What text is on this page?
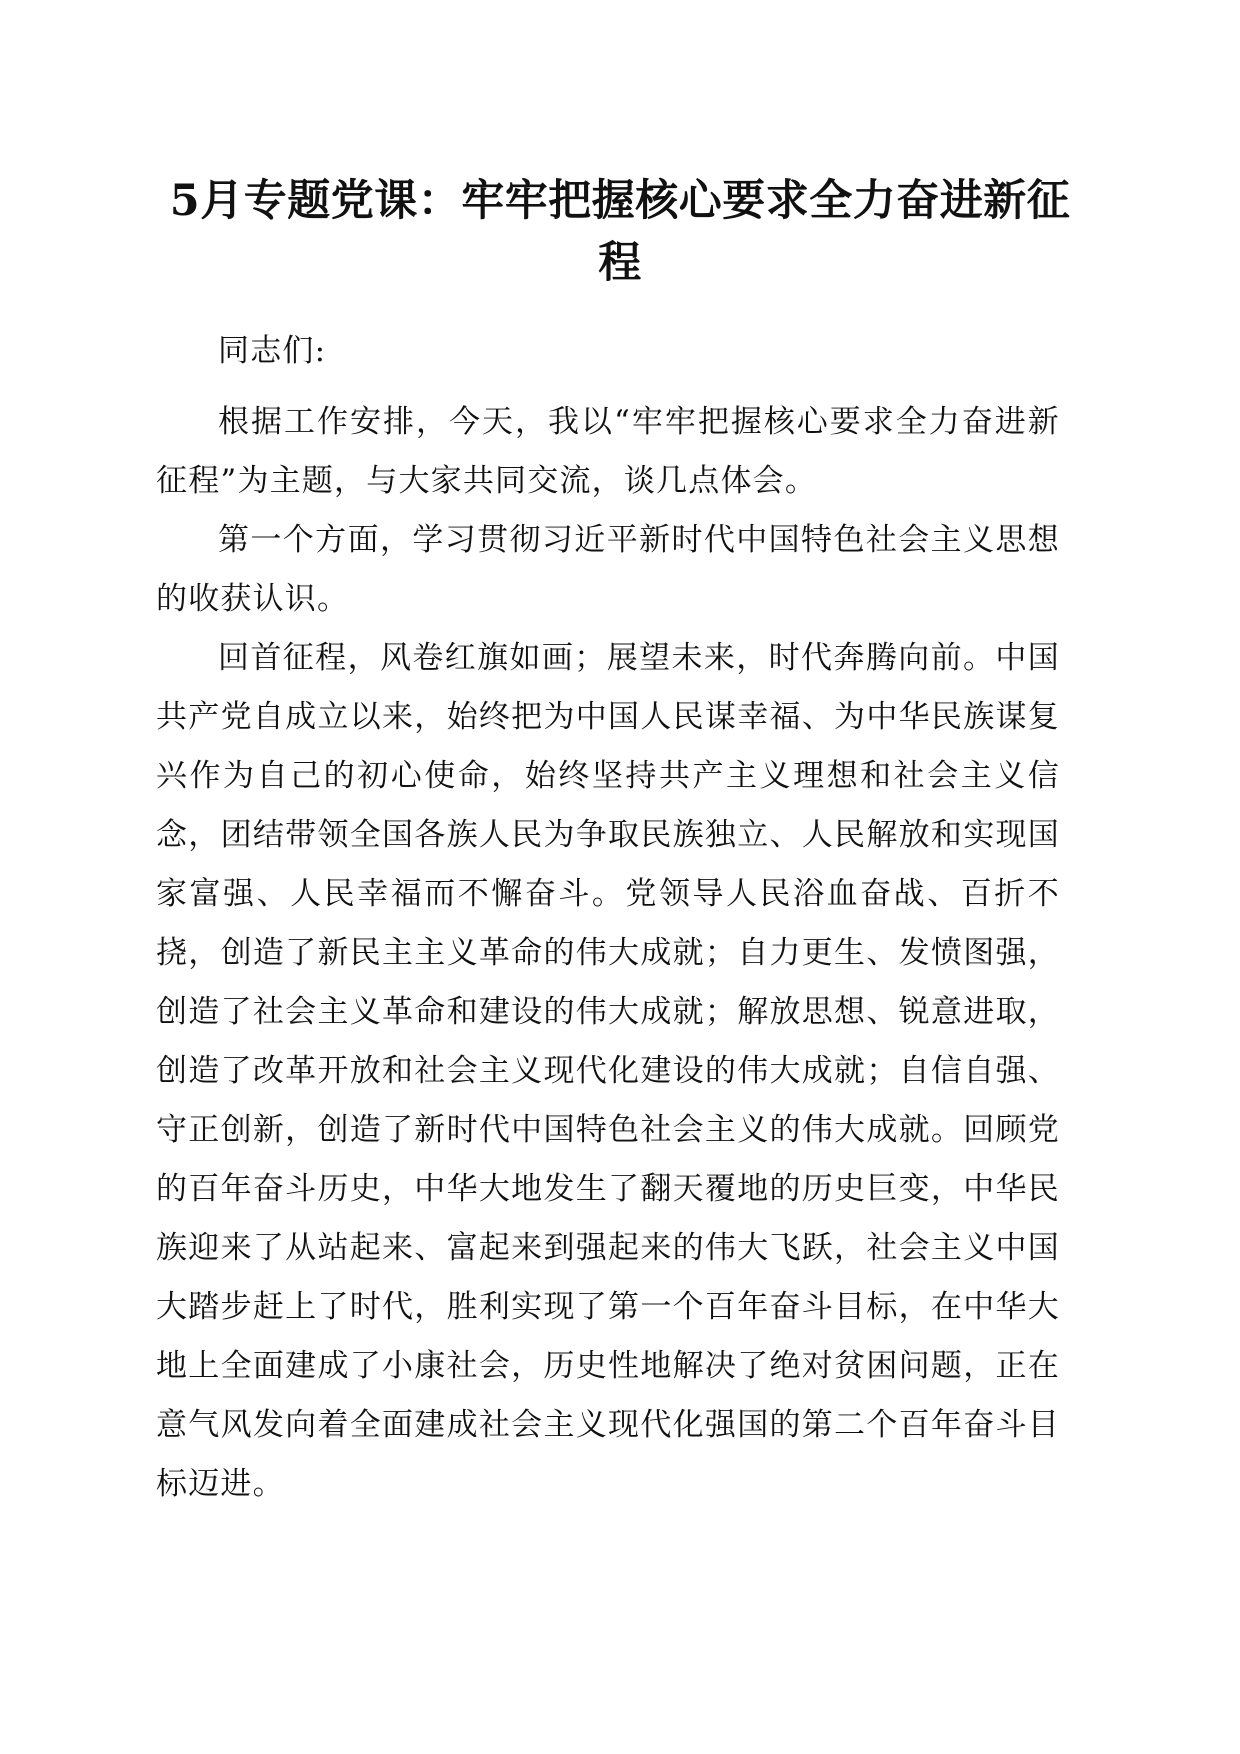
5月专题党课：牢牢把握核心要求全力奋进新征程

同志们:

根据工作安排，今天，我以“牢牢把握核心要求全力奋进新征程”为主题，与大家共同交流，谈几点体会。

第一个方面，学习贯彻习近平新时代中国特色社会主义思想的收获认识。

回首征程，风卷红旗如画；展望未来，时代奔腾向前。中国共产党自成立以来，始终把为中国人民谋幸福、为中华民族谋复兴作为自己的初心使命，始终坚持共产主义理想和社会主义信念，团结带领全国各族人民为争取民族独立、人民解放和实现国家富强、人民幸福而不懈奋斗。党领导人民浴血奋战、百折不挠，创造了新民主主义革命的伟大成就；自力更生、发愤图强，创造了社会主义革命和建设的伟大成就；解放思想、锐意进取，创造了改革开放和社会主义现代化建设的伟大成就；自信自强、守正创新，创造了新时代中国特色社会主义的伟大成就。回顾党的百年奋斗历史，中华大地发生了翻天覆地的历史巨变，中华民族迎来了从站起来、富起来到强起来的伟大飞跃，社会主义中国大踏步赶上了时代，胜利实现了第一个百年奋斗目标，在中华大地上全面建成了小康社会，历史性地解决了绝对贫困问题，正在意气风发向着全面建成社会主义现代化强国的第二个百年奋斗目标迈进。
